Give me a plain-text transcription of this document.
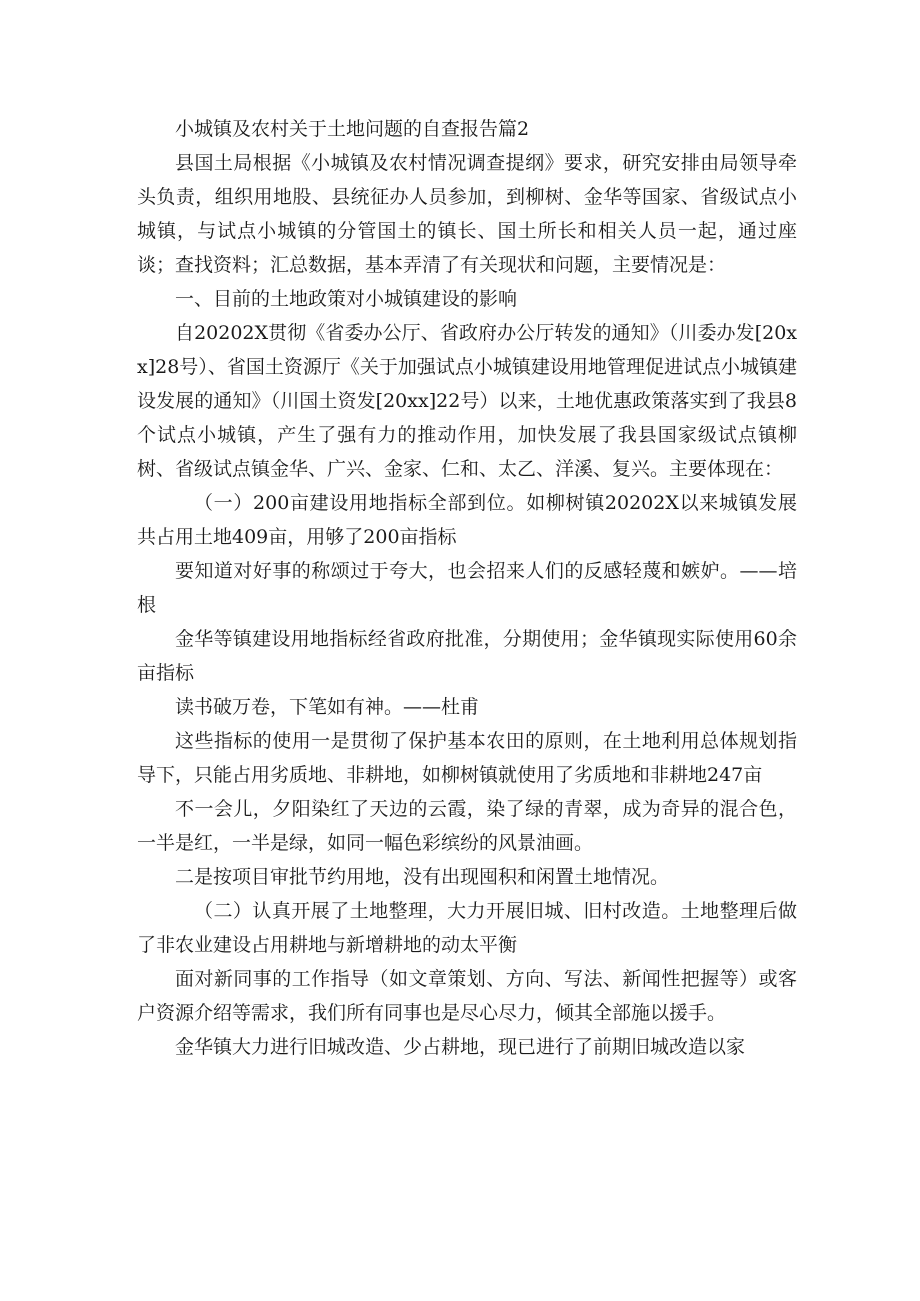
小城镇及农村关于土地问题的自查报告篇2

县国土局根据《小城镇及农村情况调查提纲》要求，研究安排由局领导牵头负责，组织用地股、县统征办人员参加，到柳树、金华等国家、省级试点小城镇，与试点小城镇的分管国土的镇长、国土所长和相关人员一起，通过座谈；查找资料；汇总数据，基本弄清了有关现状和问题，主要情况是：

一、目前的土地政策对小城镇建设的影响

自20202X贯彻《省委办公厅、省政府办公厅转发的通知》（川委办发[20xx]28号）、省国土资源厅《关于加强试点小城镇建设用地管理促进试点小城镇建设发展的通知》（川国土资发[20xx]22号）以来，土地优惠政策落实到了我县8个试点小城镇，产生了强有力的推动作用，加快发展了我县国家级试点镇柳树、省级试点镇金华、广兴、金家、仁和、太乙、洋溪、复兴。主要体现在：

（一）200亩建设用地指标全部到位。如柳树镇20202X以来城镇发展共占用土地409亩，用够了200亩指标

要知道对好事的称颂过于夸大，也会招来人们的反感轻蔑和嫉妒。——培根

金华等镇建设用地指标经省政府批准，分期使用；金华镇现实际使用60余亩指标

读书破万卷，下笔如有神。——杜甫

这些指标的使用一是贯彻了保护基本农田的原则，在土地利用总体规划指导下，只能占用劣质地、非耕地，如柳树镇就使用了劣质地和非耕地247亩

不一会儿，夕阳染红了天边的云霞，染了绿的青翠，成为奇异的混合色，一半是红，一半是绿，如同一幅色彩缤纷的风景油画。

二是按项目审批节约用地，没有出现囤积和闲置土地情况。

（二）认真开展了土地整理，大力开展旧城、旧村改造。土地整理后做了非农业建设占用耕地与新增耕地的动太平衡

面对新同事的工作指导（如文章策划、方向、写法、新闻性把握等）或客户资源介绍等需求，我们所有同事也是尽心尽力，倾其全部施以援手。

金华镇大力进行旧城改造、少占耕地，现已进行了前期旧城改造以家
